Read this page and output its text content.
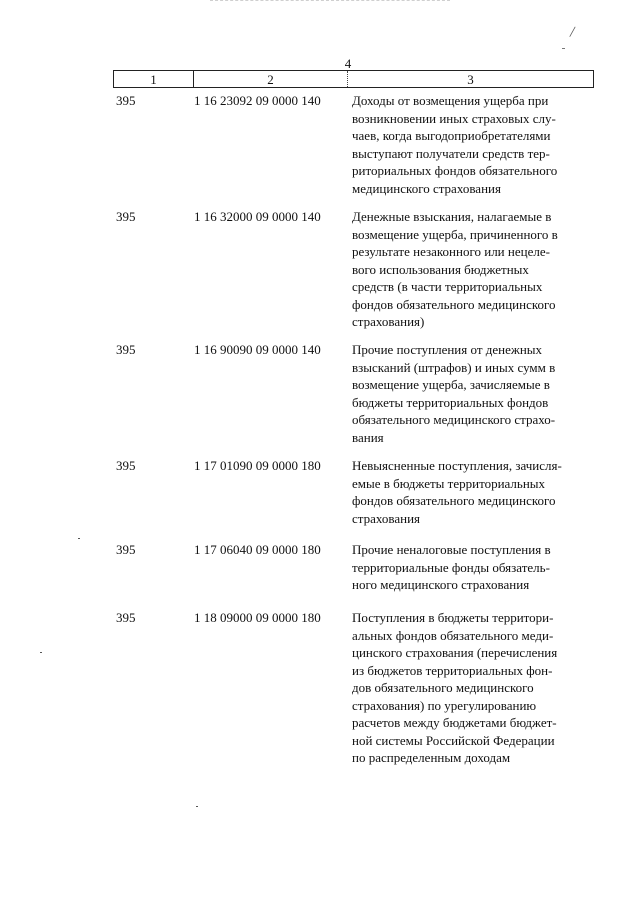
/
4
1	2	3
395	1 16 23092 09 0000 140	Доходы от возмещения ущерба при
возникновении иных страховых слу-
чаев, когда выгодоприобретателями
выступают получатели средств тер-
риториальных фондов обязательного
медицинского страхования
395	1 16 32000 09 0000 140	Денежные взыскания, налагаемые в
возмещение ущерба, причиненного в
результате незаконного или нецеле-
вого использования бюджетных
средств (в части территориальных
фондов обязательного медицинского
страхования)
395	1 16 90090 09 0000 140	Прочие поступления от денежных
взысканий (штрафов) и иных сумм в
возмещение ущерба, зачисляемые в
бюджеты территориальных фондов
обязательного медицинского страхо-
вания
395	1 17 01090 09 0000 180	Невыясненные поступления, зачисля-
емые в бюджеты территориальных
фондов обязательного медицинского
страхования
395	1 17 06040 09 0000 180	Прочие неналоговые поступления в
территориальные фонды обязатель-
ного медицинского страхования
395	1 18 09000 09 0000 180	Поступления в бюджеты территори-
альных фондов обязательного меди-
цинского страхования (перечисления
из бюджетов территориальных фон-
дов обязательного медицинского
страхования) по урегулированию
расчетов между бюджетами бюджет-
ной системы Российской Федерации
по распределенным доходам
